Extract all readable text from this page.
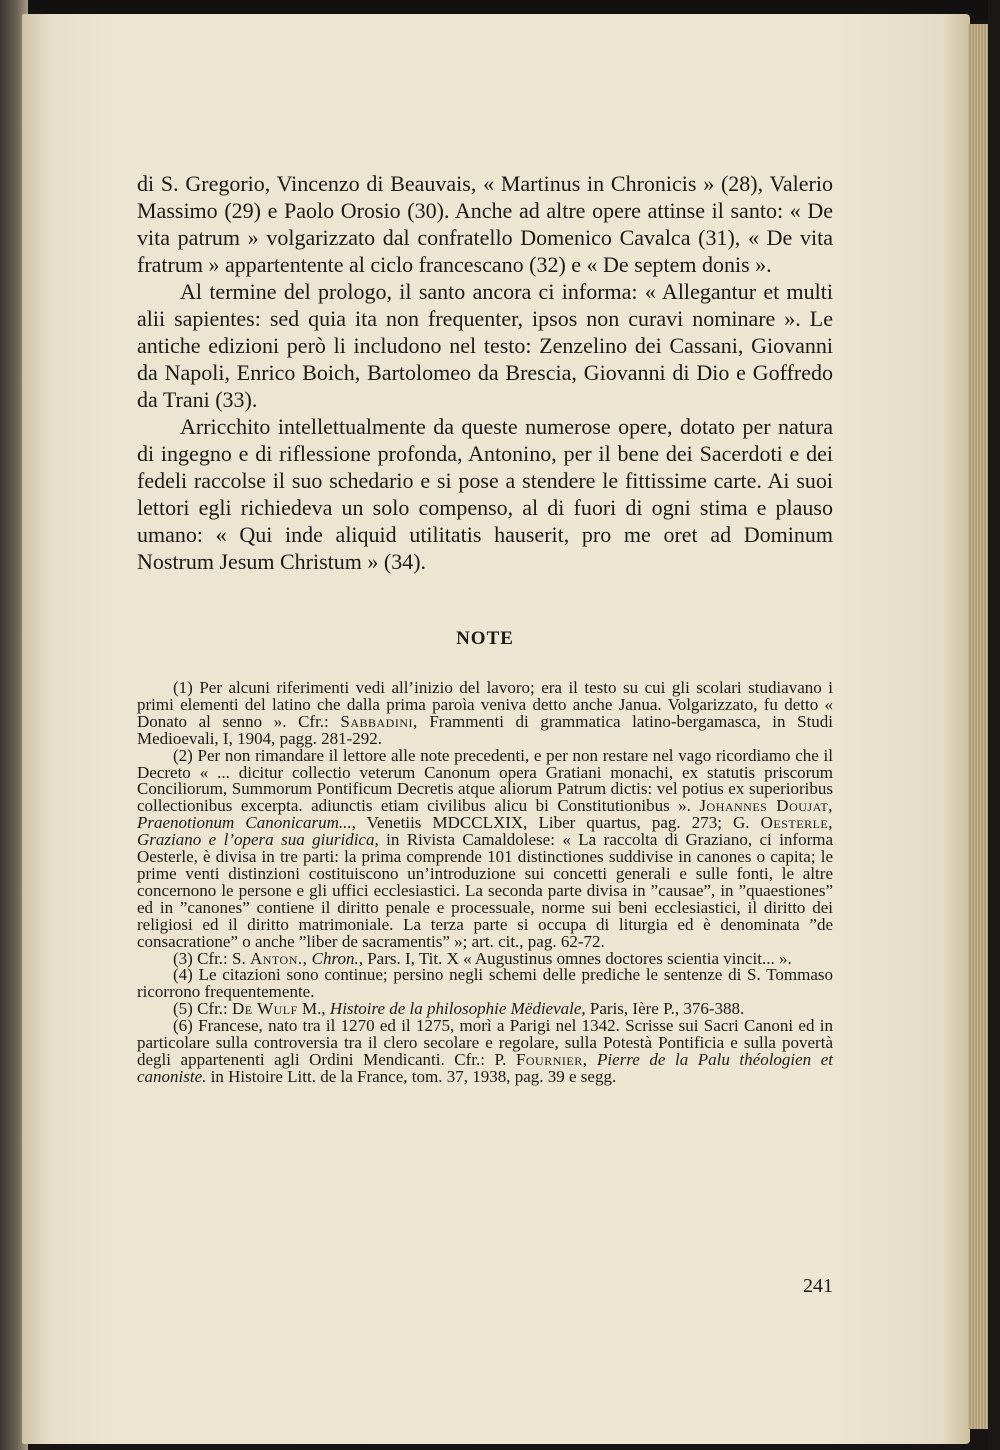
di S. Gregorio, Vincenzo di Beauvais, « Martinus in Chronicis » (28), Valerio Massimo (29) e Paolo Orosio (30). Anche ad altre opere attinse il santo: « De vita patrum » volgarizzato dal confratello Domenico Cavalca (31), « De vita fratrum » appartentente al ciclo francescano (32) e « De septem donis ».

Al termine del prologo, il santo ancora ci informa: « Allegantur et multi alii sapientes: sed quia ita non frequenter, ipsos non curavi nominare ». Le antiche edizioni però li includono nel testo: Zenzelino dei Cassani, Giovanni da Napoli, Enrico Boich, Bartolomeo da Brescia, Giovanni di Dio e Goffredo da Trani (33).

Arricchito intellettualmente da queste numerose opere, dotato per natura di ingegno e di riflessione profonda, Antonino, per il bene dei Sacerdoti e dei fedeli raccolse il suo schedario e si pose a stendere le fittissime carte. Ai suoi lettori egli richiedeva un solo compenso, al di fuori di ogni stima e plauso umano: « Qui inde aliquid utilitatis hauserit, pro me oret ad Dominum Nostrum Jesum Christum » (34).

NOTE

(1) Per alcuni riferimenti vedi all’inizio del lavoro; era il testo su cui gli scolari studiavano i primi elementi del latino che dalla prima paroìa veniva detto anche Janua. Volgarizzato, fu detto « Donato al senno ». Cfr.: Sabbadini, Frammenti di grammatica latino-bergamasca, in Studi Medioevali, I, 1904, pagg. 281-292.

(2) Per non rimandare il lettore alle note precedenti, e per non restare nel vago ricordiamo che il Decreto « ... dicitur collectio veterum Canonum opera Gratiani monachi, ex statutis priscorum Conciliorum, Summorum Pontificum Decretis atque aliorum Patrum dictis: vel potius ex superioribus collectionibus excerpta. adiunctis etiam civilibus alicu bi Constitutionibus ». Johannes Doujat, Praenotionum Canonicarum..., Venetiis MDCCLXIX, Liber quartus, pag. 273; G. Oesterle, Graziano e l’opera sua giuridica, in Rivista Camaldolese: « La raccolta di Graziano, ci informa Oesterle, è divisa in tre parti: la prima comprende 101 distinctiones suddivise in canones o capita; le prime venti distinzioni costituiscono un’introduzione sui concetti generali e sulle fonti, le altre concernono le persone e gli uffici ecclesiastici. La seconda parte divisa in ”causae”, in ”quaestiones” ed in ”canones” contiene il diritto penale e processuale, norme sui beni ecclesiastici, il diritto dei religiosi ed il diritto matrimoniale. La terza parte si occupa di liturgia ed è denominata ”de consacratione” o anche ”liber de sacramentis” »; art. cit., pag. 62-72.

(3) Cfr.: S. Anton., Chron., Pars. I, Tit. X « Augustinus omnes doctores scientia vincit... ».

(4) Le citazioni sono continue; persino negli schemi delle prediche le sentenze di S. Tommaso ricorrono frequentemente.

(5) Cfr.: De Wulf M., Histoire de la philosophie Mëdievale, Paris, Ière P., 376-388.

(6) Francese, nato tra il 1270 ed il 1275, morì a Parigi nel 1342. Scrisse sui Sacri Canoni ed in particolare sulla controversia tra il clero secolare e regolare, sulla Potestà Pontificia e sulla povertà degli appartenenti agli Ordini Mendicanti. Cfr.: P. Fournier, Pierre de la Palu théologien et canoniste. in Histoire Litt. de la France, tom. 37, 1938, pag. 39 e segg.

241
